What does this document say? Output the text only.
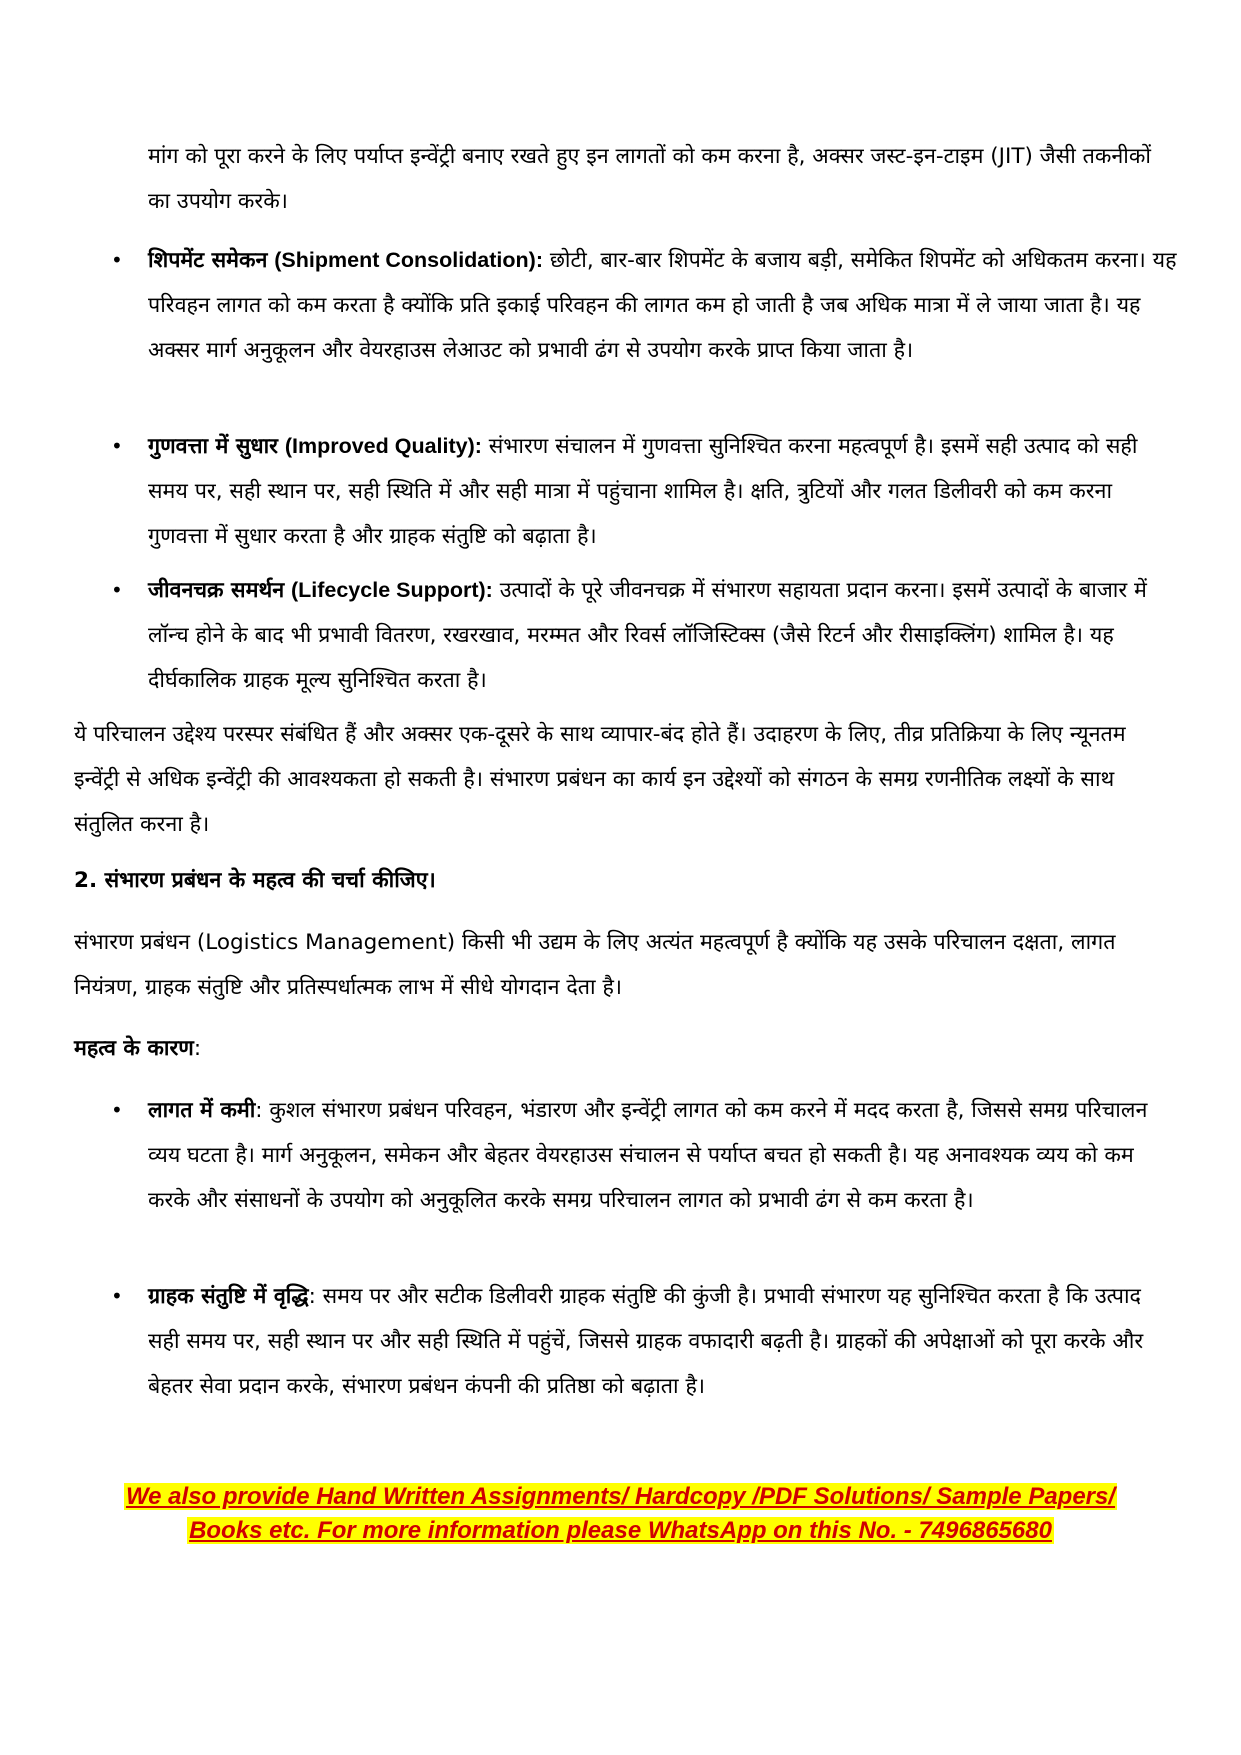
मांग को पूरा करने के लिए पर्याप्त इन्वेंट्री बनाए रखते हुए इन लागतों को कम करना है, अक्सर जस्ट-इन-टाइम (JIT) जैसी तकनीकों का उपयोग करके।

• शिपमेंट समेकन (Shipment Consolidation): छोटी, बार-बार शिपमेंट के बजाय बड़ी, समेकित शिपमेंट को अधिकतम करना। यह परिवहन लागत को कम करता है क्योंकि प्रति इकाई परिवहन की लागत कम हो जाती है जब अधिक मात्रा में ले जाया जाता है। यह अक्सर मार्ग अनुकूलन और वेयरहाउस लेआउट को प्रभावी ढंग से उपयोग करके प्राप्त किया जाता है।

• गुणवत्ता में सुधार (Improved Quality): संभारण संचालन में गुणवत्ता सुनिश्चित करना महत्वपूर्ण है। इसमें सही उत्पाद को सही समय पर, सही स्थान पर, सही स्थिति में और सही मात्रा में पहुंचाना शामिल है। क्षति, त्रुटियों और गलत डिलीवरी को कम करना गुणवत्ता में सुधार करता है और ग्राहक संतुष्टि को बढ़ाता है।

• जीवनचक्र समर्थन (Lifecycle Support): उत्पादों के पूरे जीवनचक्र में संभारण सहायता प्रदान करना। इसमें उत्पादों के बाजार में लॉन्च होने के बाद भी प्रभावी वितरण, रखरखाव, मरम्मत और रिवर्स लॉजिस्टिक्स (जैसे रिटर्न और रीसाइक्लिंग) शामिल है। यह दीर्घकालिक ग्राहक मूल्य सुनिश्चित करता है।

ये परिचालन उद्देश्य परस्पर संबंधित हैं और अक्सर एक-दूसरे के साथ व्यापार-बंद होते हैं। उदाहरण के लिए, तीव्र प्रतिक्रिया के लिए न्यूनतम इन्वेंट्री से अधिक इन्वेंट्री की आवश्यकता हो सकती है। संभारण प्रबंधन का कार्य इन उद्देश्यों को संगठन के समग्र रणनीतिक लक्ष्यों के साथ संतुलित करना है।

2. संभारण प्रबंधन के महत्व की चर्चा कीजिए।

संभारण प्रबंधन (Logistics Management) किसी भी उद्यम के लिए अत्यंत महत्वपूर्ण है क्योंकि यह उसके परिचालन दक्षता, लागत नियंत्रण, ग्राहक संतुष्टि और प्रतिस्पर्धात्मक लाभ में सीधे योगदान देता है।

महत्व के कारण:

• लागत में कमी: कुशल संभारण प्रबंधन परिवहन, भंडारण और इन्वेंट्री लागत को कम करने में मदद करता है, जिससे समग्र परिचालन व्यय घटता है। मार्ग अनुकूलन, समेकन और बेहतर वेयरहाउस संचालन से पर्याप्त बचत हो सकती है। यह अनावश्यक व्यय को कम करके और संसाधनों के उपयोग को अनुकूलित करके समग्र परिचालन लागत को प्रभावी ढंग से कम करता है।

• ग्राहक संतुष्टि में वृद्धि: समय पर और सटीक डिलीवरी ग्राहक संतुष्टि की कुंजी है। प्रभावी संभारण यह सुनिश्चित करता है कि उत्पाद सही समय पर, सही स्थान पर और सही स्थिति में पहुंचें, जिससे ग्राहक वफादारी बढ़ती है। ग्राहकों की अपेक्षाओं को पूरा करके और बेहतर सेवा प्रदान करके, संभारण प्रबंधन कंपनी की प्रतिष्ठा को बढ़ाता है।

We also provide Hand Written Assignments/ Hardcopy /PDF Solutions/ Sample Papers/
Books etc. For more information please WhatsApp on this No. - 7496865680
